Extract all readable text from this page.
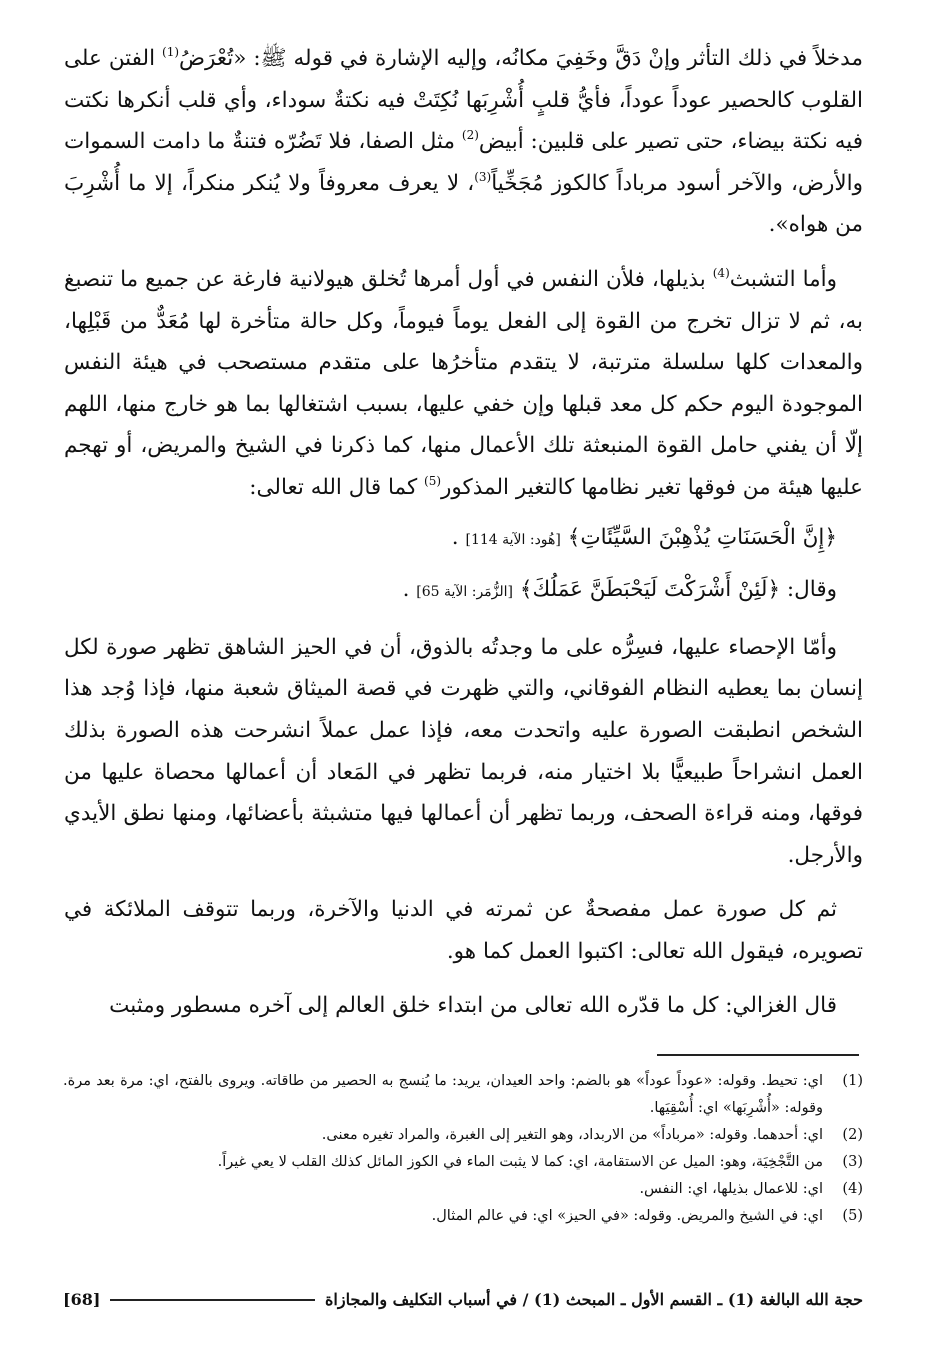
مدخلاً في ذلك التأثر وإنْ دَقَّ وخَفِيَ مكانُه، وإليه الإشارة في قوله ﷺ: «تُعْرَضُ$^{(1)}$ الفتن على القلوب كالحصير عوداً عوداً، فأيُّ قلبٍ أُشْرِبَها نُكِتَتْ فيه نكتةٌ سوداء، وأي قلب أنكرها نكتت فيه نكتة بيضاء، حتى تصير على قلبين: أبيض$^{(2)}$ مثل الصفا، فلا تَضُرّه فتنةٌ ما دامت السموات والأرض، والآخر أسود مرباداً كالكوز مُجَخِّياً$^{(3)}$، لا يعرف معروفاً ولا يُنكر منكراً، إلا ما أُشْرِبَ من هواه».

وأما التشبث$^{(4)}$ بذيلها، فلأن النفس في أول أمرها تُخلق هيولانية فارغة عن جميع ما تنصبغ به، ثم لا تزال تخرج من القوة إلى الفعل يوماً فيوماً، وكل حالة متأخرة لها مُعَدٌّ من قَبْلِها، والمعدات كلها سلسلة مترتبة، لا يتقدم متأخرُها على متقدم مستصحب في هيئة النفس الموجودة اليوم حكم كل معد قبلها وإن خفي عليها، بسبب اشتغالها بما هو خارج منها، اللهم إلّا أن يفني حامل القوة المنبعثة تلك الأعمال منها، كما ذكرنا في الشيخ والمريض، أو تهجم عليها هيئة من فوقها تغير نظامها كالتغير المذكور$^{(5)}$ كما قال الله تعالى:

﴿إِنَّ الْحَسَنَاتِ يُذْهِبْنَ السَّيِّئَاتِ﴾ [هُود: الآية 114] .

وقال: ﴿لَئِنْ أَشْرَكْتَ لَيَحْبَطَنَّ عَمَلُكَ﴾ [الزُّمَر: الآية 65] .

وأمّا الإحصاء عليها، فسِرُّه على ما وجدتُه بالذوق، أن في الحيز الشاهق تظهر صورة لكل إنسان بما يعطيه النظام الفوقاني، والتي ظهرت في قصة الميثاق شعبة منها، فإذا وُجد هذا الشخص انطبقت الصورة عليه واتحدت معه، فإذا عمل عملاً انشرحت هذه الصورة بذلك العمل انشراحاً طبيعيًّا بلا اختيار منه، فربما تظهر في المَعاد أن أعمالها محصاة عليها من فوقها، ومنه قراءة الصحف، وربما تظهر أن أعمالها فيها متشبثة بأعضائها، ومنها نطق الأيدي والأرجل.

ثم كل صورة عمل مفصحةٌ عن ثمرته في الدنيا والآخرة، وربما تتوقف الملائكة في تصويره، فيقول الله تعالى: اكتبوا العمل كما هو.

قال الغزالي: كل ما قدّره الله تعالى من ابتداء خلق العالم إلى آخره مسطور ومثبت

(1)
اي: تحيط. وقوله: «عوداً عوداً» هو بالضم: واحد العيدان، يريد: ما يُنسج به الحصير من طاقاته. ويروى بالفتح، اي: مرة بعد مرة. وقوله: «أُشْرِبَها» اي: أُسْقِيَها.
(2)
اي: أحدهما. وقوله: «مرباداً» من الاربداد، وهو التغير إلى الغبرة، والمراد تغيره معنى.
(3)
من التَّجْخِيَة، وهو: الميل عن الاستقامة، اي: كما لا يثبت الماء في الكوز المائل كذلك القلب لا يعي غيراً.
(4)
اي: للاعمال بذيلها، اي: النفس.
(5)
اي: في الشيخ والمريض. وقوله: «في الحيز» اي: في عالم المثال.
حجة الله البالغة (1) ـ القسم الأول ـ المبحث (1) / في أسباب التكليف والمجازاة
[68]
